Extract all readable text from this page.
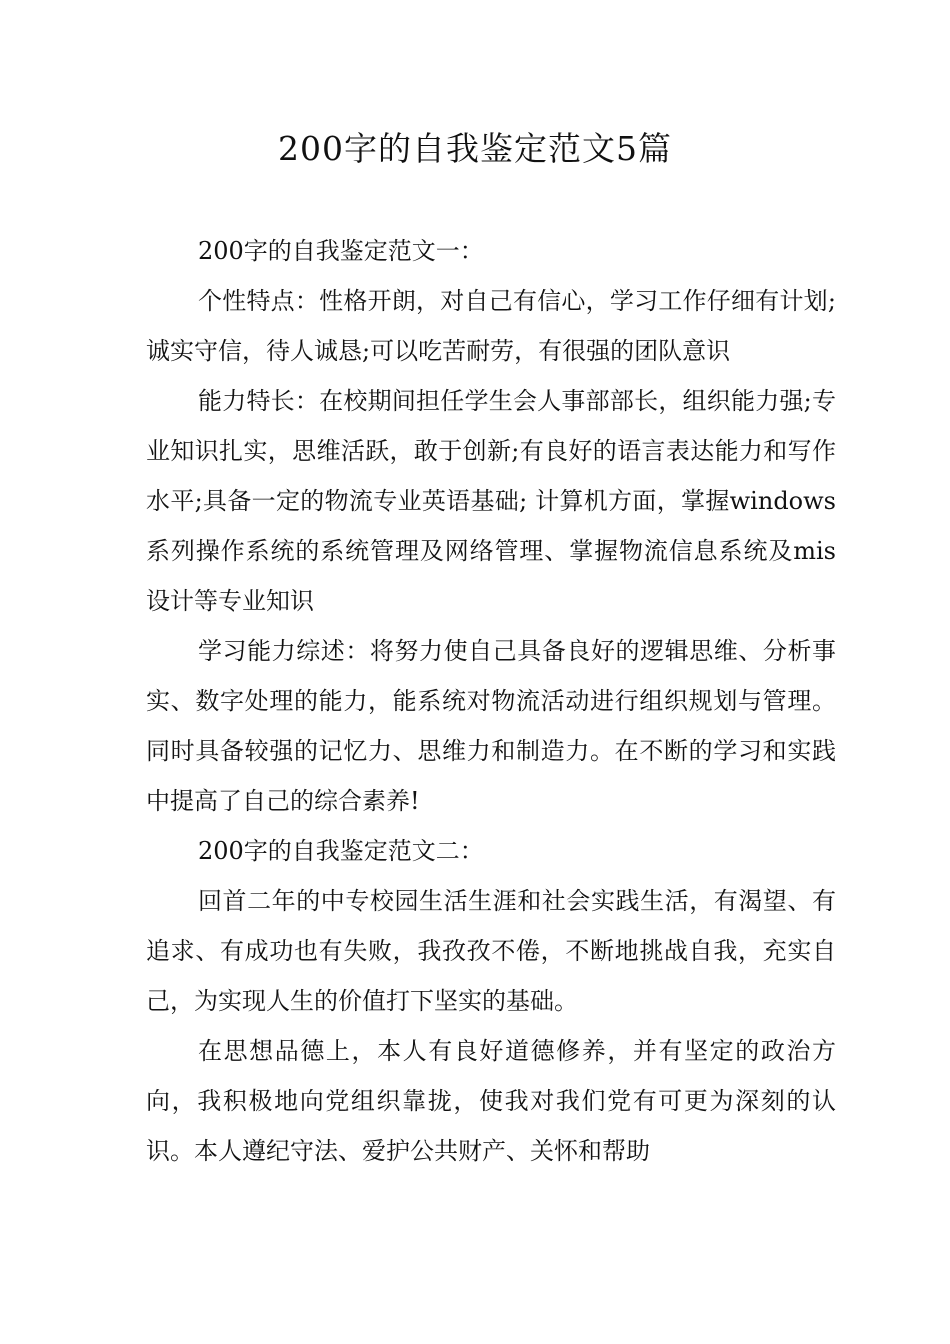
200字的自我鉴定范文5篇

200字的自我鉴定范文一：

个性特点：性格开朗，对自己有信心，学习工作仔细有计划;诚实守信，待人诚恳;可以吃苦耐劳，有很强的团队意识

能力特长：在校期间担任学生会人事部部长，组织能力强;专业知识扎实，思维活跃，敢于创新;有良好的语言表达能力和写作水平;具备一定的物流专业英语基础; 计算机方面，掌握windows系列操作系统的系统管理及网络管理、掌握物流信息系统及mis设计等专业知识

学习能力综述：将努力使自己具备良好的逻辑思维、分析事实、数字处理的能力，能系统对物流活动进行组织规划与管理。同时具备较强的记忆力、思维力和制造力。在不断的学习和实践中提高了自己的综合素养!

200字的自我鉴定范文二：

回首二年的中专校园生活生涯和社会实践生活，有渴望、有追求、有成功也有失败，我孜孜不倦，不断地挑战自我，充实自己，为实现人生的价值打下坚实的基础。

在思想品德上，本人有良好道德修养，并有坚定的政治方向，我积极地向党组织靠拢，使我对我们党有可更为深刻的认识。本人遵纪守法、爱护公共财产、关怀和帮助
